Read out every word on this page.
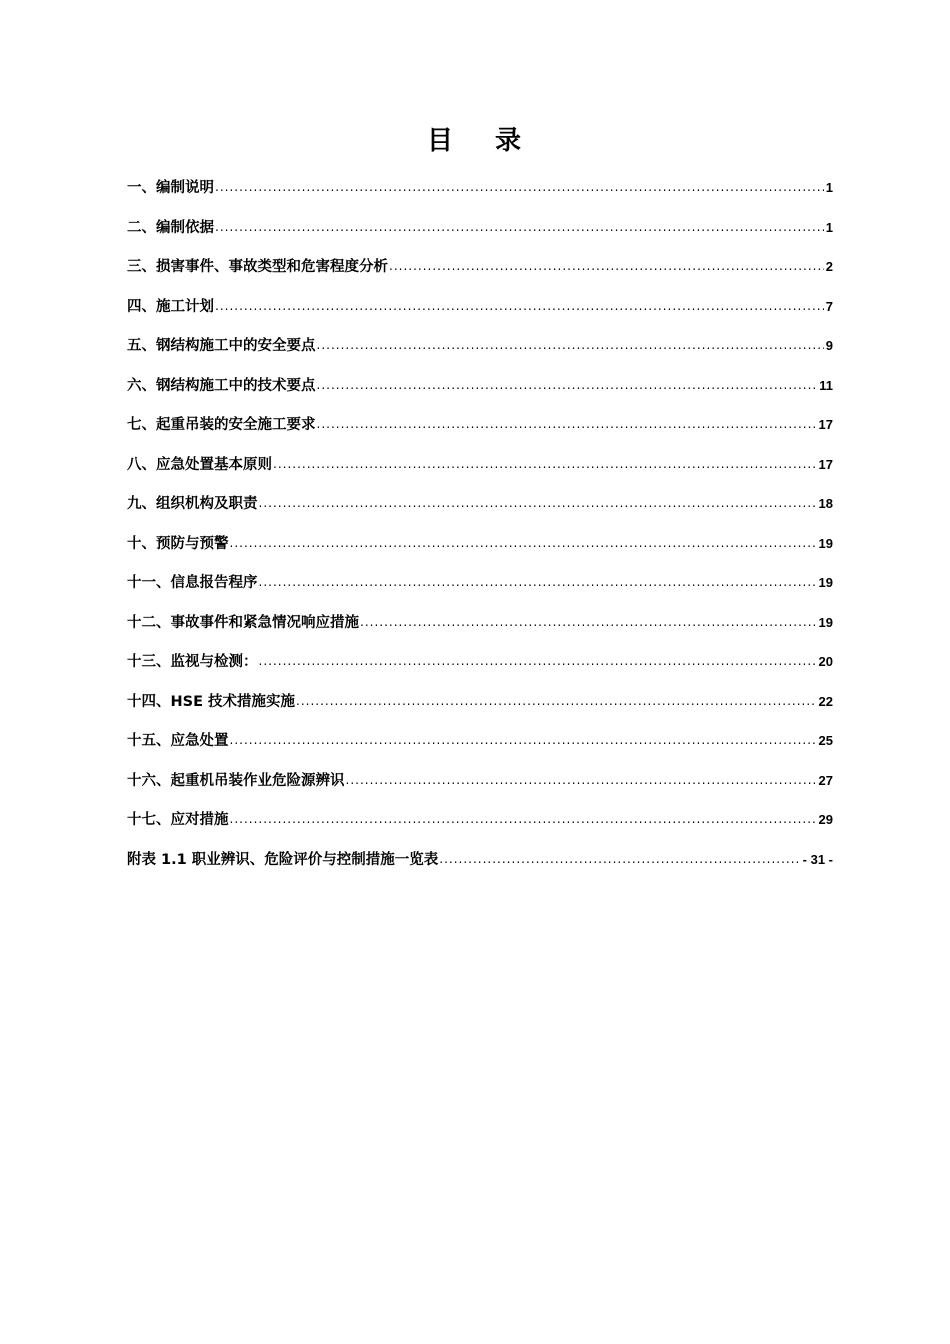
目 录
一、编制说明 .....	1
二、编制依据 .....	1
三、损害事件、事故类型和危害程度分析 .....	2
四、施工计划 .....	7
五、钢结构施工中的安全要点 .....	9
六、钢结构施工中的技术要点 .....	11
七、起重吊装的安全施工要求 .....	17
八、应急处置基本原则 .....	17
九、组织机构及职责 .....	18
十、预防与预警 .....	19
十一、信息报告程序 .....	19
十二、事故事件和紧急情况响应措施 .....	19
十三、监视与检测： .....	20
十四、HSE 技术措施实施 .....	22
十五、应急处置 .....	25
十六、起重机吊装作业危险源辨识 .....	27
十七、应对措施 .....	29
附表 1.1 职业辨识、危险评价与控制措施一览表 .....	- 31 -
